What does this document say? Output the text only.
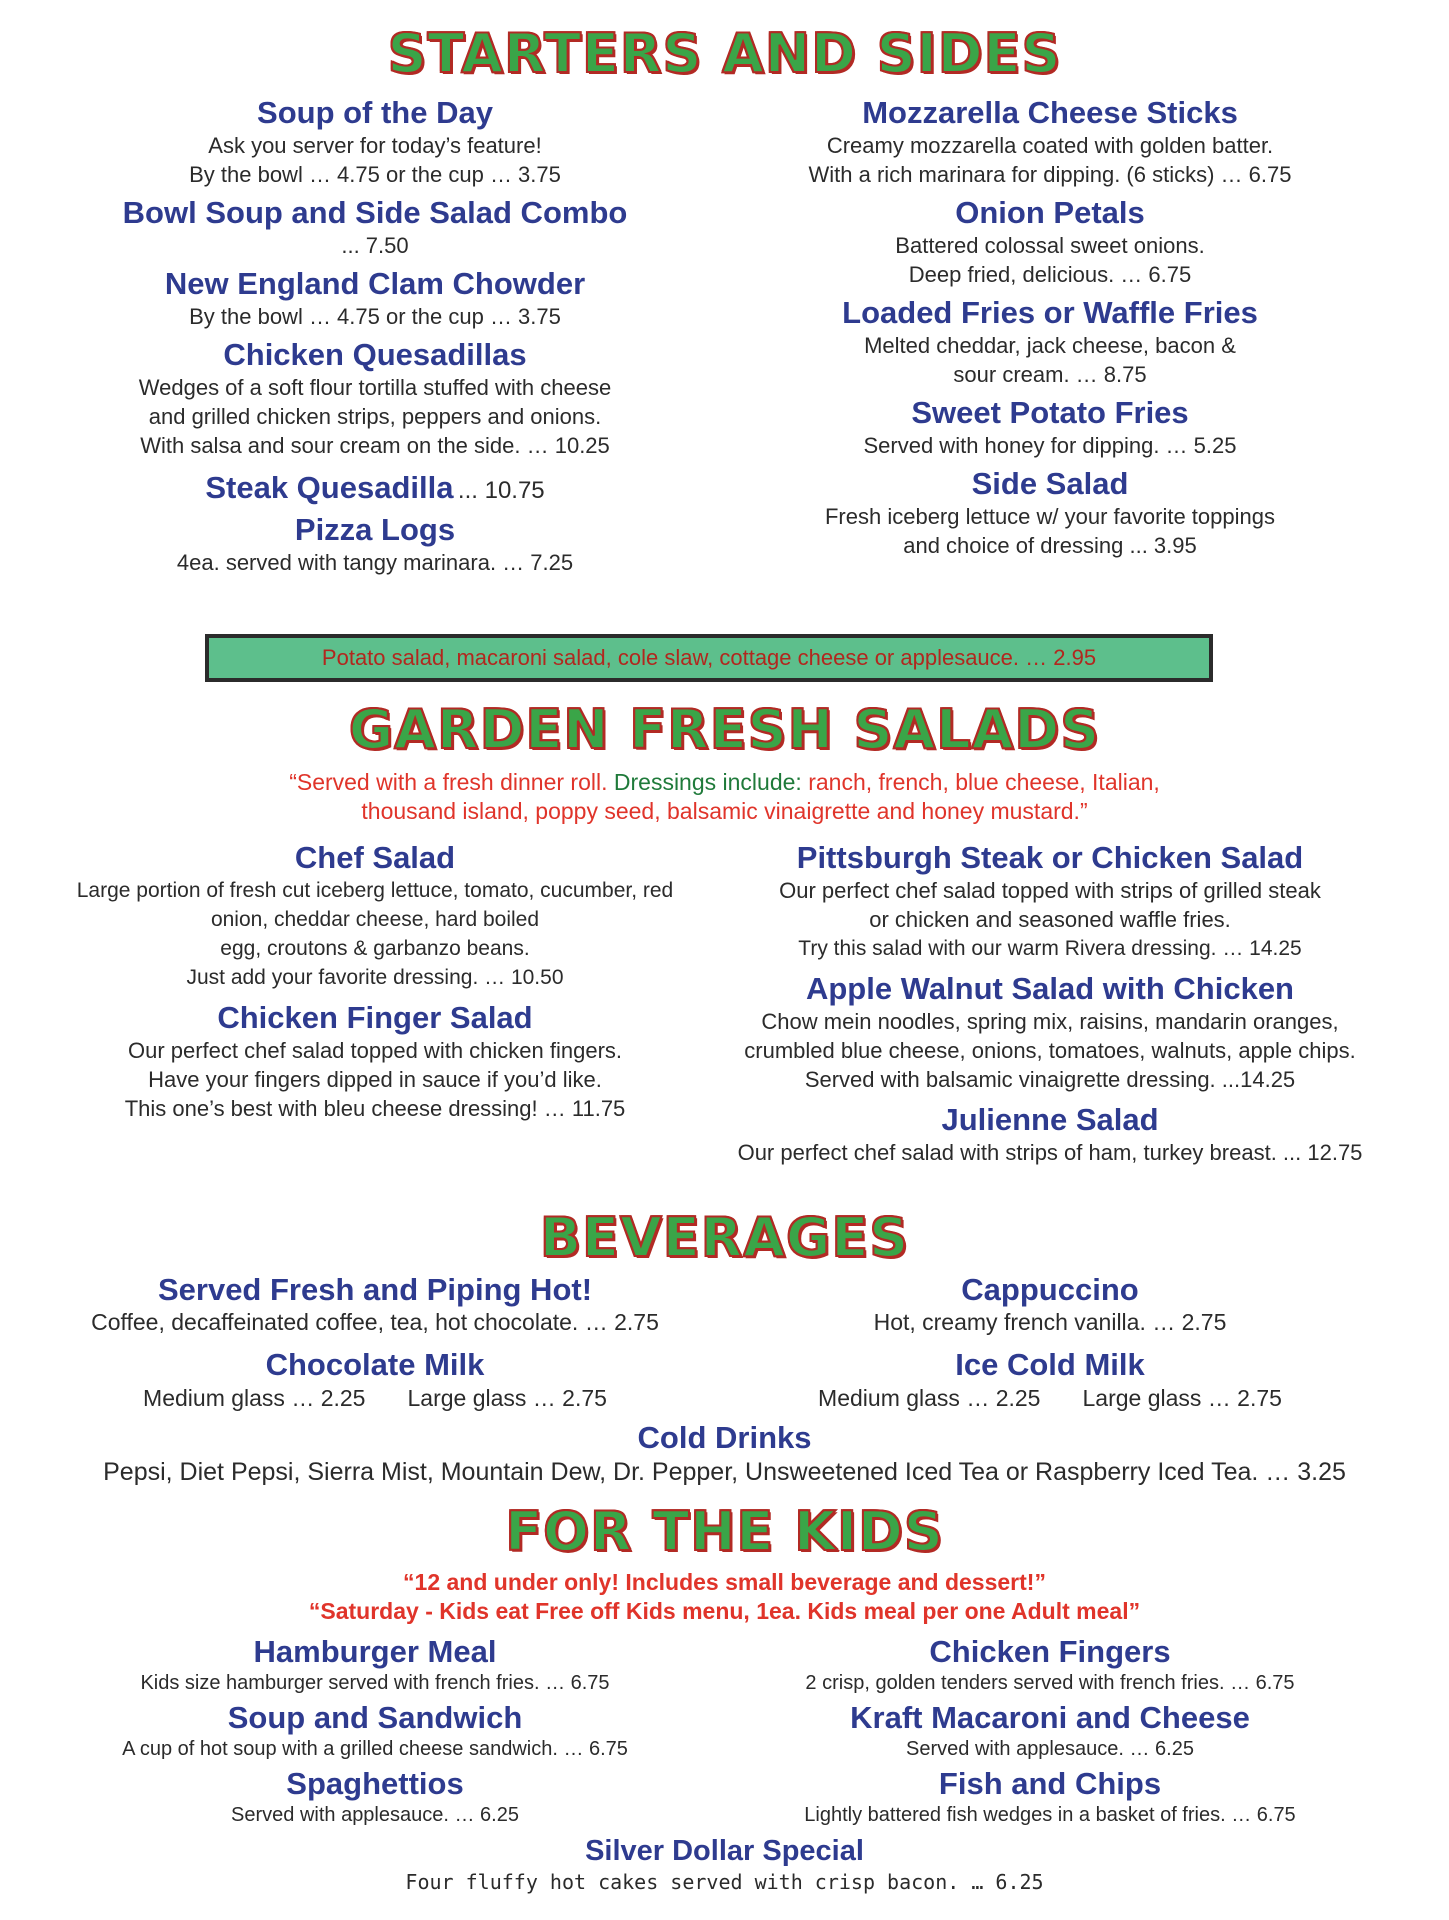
STARTERS AND SIDES
Soup of the Day
Ask you server for today’s feature!
By the bowl … 4.75 or the cup … 3.75
Bowl Soup and Side Salad Combo
... 7.50
New England Clam Chowder
By the bowl … 4.75 or the cup … 3.75
Chicken Quesadillas
Wedges of a soft flour tortilla stuffed with cheese
and grilled chicken strips, peppers and onions.
With salsa and sour cream on the side. … 10.25
Steak Quesadilla ... 10.75
Pizza Logs
4ea. served with tangy marinara. … 7.25
Mozzarella Cheese Sticks
Creamy mozzarella coated with golden batter.
With a rich marinara for dipping. (6 sticks) … 6.75
Onion Petals
Battered colossal sweet onions.
Deep fried, delicious. … 6.75
Loaded Fries or Waffle Fries
Melted cheddar, jack cheese, bacon &
sour cream. … 8.75
Sweet Potato Fries
Served with honey for dipping. … 5.25
Side Salad
Fresh iceberg lettuce w/ your favorite toppings
and choice of dressing ... 3.95
Potato salad, macaroni salad, cole slaw, cottage cheese or applesauce. … 2.95
GARDEN FRESH SALADS
“Served with a fresh dinner roll. Dressings include: ranch, french, blue cheese, Italian,
thousand island, poppy seed, balsamic vinaigrette and honey mustard.”
Chef Salad
Large portion of fresh cut iceberg lettuce, tomato, cucumber, red
onion, cheddar cheese, hard boiled
egg, croutons & garbanzo beans.
Just add your favorite dressing. … 10.50
Chicken Finger Salad
Our perfect chef salad topped with chicken fingers.
Have your fingers dipped in sauce if you’d like.
This one’s best with bleu cheese dressing! … 11.75
Pittsburgh Steak or Chicken Salad
Our perfect chef salad topped with strips of grilled steak
or chicken and seasoned waffle fries.
Try this salad with our warm Rivera dressing. … 14.25
Apple Walnut Salad with Chicken
Chow mein noodles, spring mix, raisins, mandarin oranges,
crumbled blue cheese, onions, tomatoes, walnuts, apple chips.
Served with balsamic vinaigrette dressing. ...14.25
Julienne Salad
Our perfect chef salad with strips of ham, turkey breast. ... 12.75
BEVERAGES
Served Fresh and Piping Hot!
Coffee, decaffeinated coffee, tea, hot chocolate. … 2.75
Chocolate Milk
Medium glass … 2.25 Large glass … 2.75
Cappuccino
Hot, creamy french vanilla. … 2.75
Ice Cold Milk
Medium glass … 2.25 Large glass … 2.75
Cold Drinks
Pepsi, Diet Pepsi, Sierra Mist, Mountain Dew, Dr. Pepper, Unsweetened Iced Tea or Raspberry Iced Tea. … 3.25
FOR THE KIDS
“12 and under only! Includes small beverage and dessert!”
“Saturday - Kids eat Free off Kids menu, 1ea. Kids meal per one Adult meal”
Hamburger Meal
Kids size hamburger served with french fries. … 6.75
Soup and Sandwich
A cup of hot soup with a grilled cheese sandwich. … 6.75
Spaghettios
Served with applesauce. … 6.25
Chicken Fingers
2 crisp, golden tenders served with french fries. … 6.75
Kraft Macaroni and Cheese
Served with applesauce. … 6.25
Fish and Chips
Lightly battered fish wedges in a basket of fries. … 6.75
Silver Dollar Special
Four fluffy hot cakes served with crisp bacon. … 6.25
